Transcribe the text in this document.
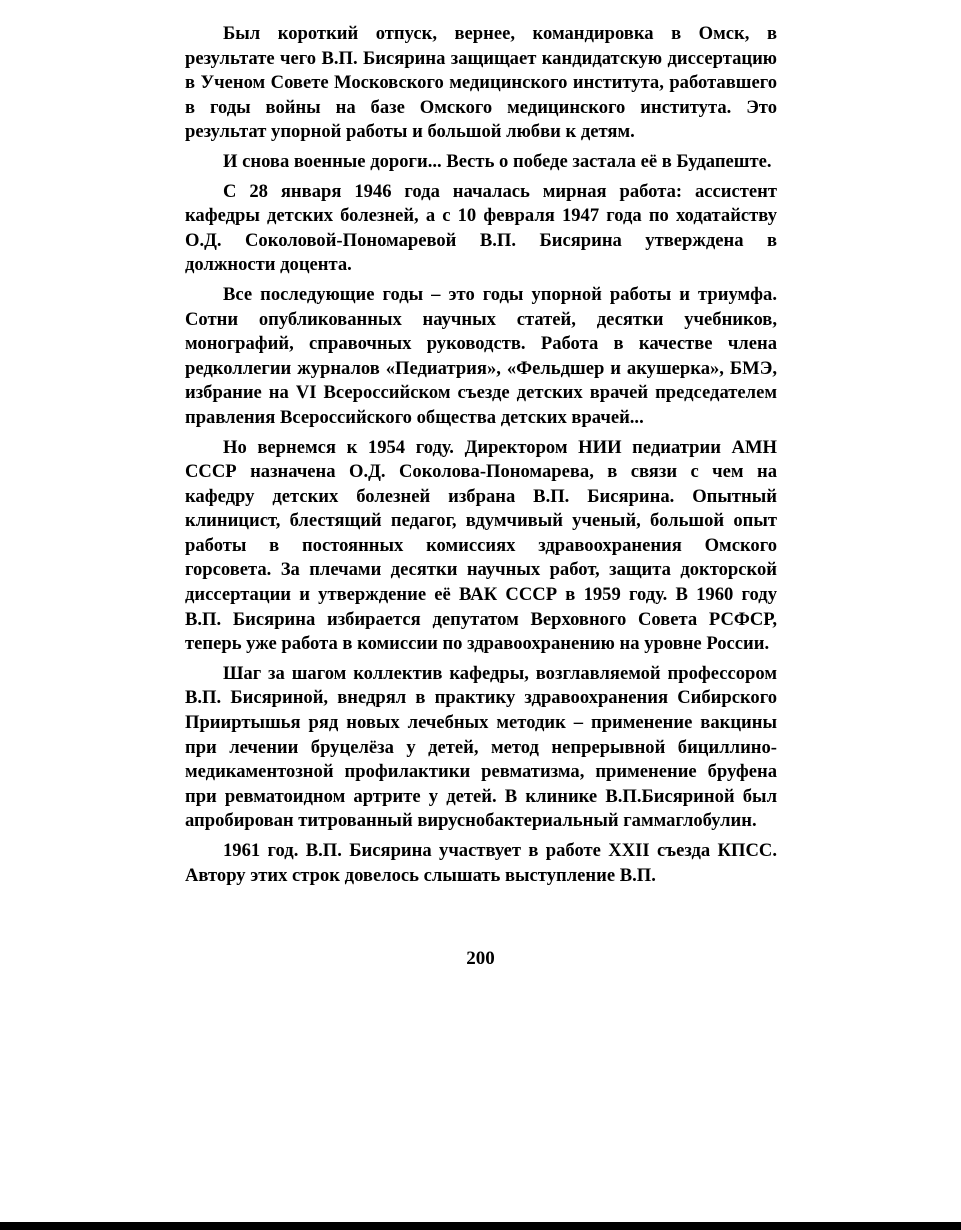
Был короткий отпуск, вернее, командировка в Омск, в результате чего В.П. Бисярина защищает кандидатскую диссертацию в Ученом Совете Московского медицинского института, работавшего в годы войны на базе Омского медицинского института. Это результат упорной работы и большой любви к детям.

И снова военные дороги... Весть о победе застала её в Будапеште.

С 28 января 1946 года началась мирная работа: ассистент кафедры детских болезней, а с 10 февраля 1947 года по ходатайству О.Д. Соколовой-Пономаревой В.П. Бисярина утверждена в должности доцента.

Все последующие годы – это годы упорной работы и триумфа. Сотни опубликованных научных статей, десятки учебников, монографий, справочных руководств. Работа в качестве члена редколлегии журналов «Педиатрия», «Фельдшер и акушерка», БМЭ, избрание на VI Всероссийском съезде детских врачей председателем правления Всероссийского общества детских врачей...

Но вернемся к 1954 году. Директором НИИ педиатрии АМН СССР назначена О.Д. Соколова-Пономарева, в связи с чем на кафедру детских болезней избрана В.П. Бисярина. Опытный клиницист, блестящий педагог, вдумчивый ученый, большой опыт работы в постоянных комиссиях здравоохранения Омского горсовета. За плечами десятки научных работ, защита докторской диссертации и утверждение её ВАК СССР в 1959 году. В 1960 году В.П. Бисярина избирается депутатом Верховного Совета РСФСР, теперь уже работа в комиссии по здравоохранению на уровне России.

Шаг за шагом коллектив кафедры, возглавляемой профессором В.П. Бисяриной, внедрял в практику здравоохранения Сибирского Прииртышья ряд новых лечебных методик – применение вакцины при лечении бруцелёза у детей, метод непрерывной бициллино-медикаментозной профилактики ревматизма, применение бруфена при ревматоидном артрите у детей. В клинике В.П.Бисяриной был апробирован титрованный вируснобактериальный гаммаглобулин.

1961 год. В.П. Бисярина участвует в работе XXII съезда КПСС. Автору этих строк довелось слышать выступление В.П.

200
